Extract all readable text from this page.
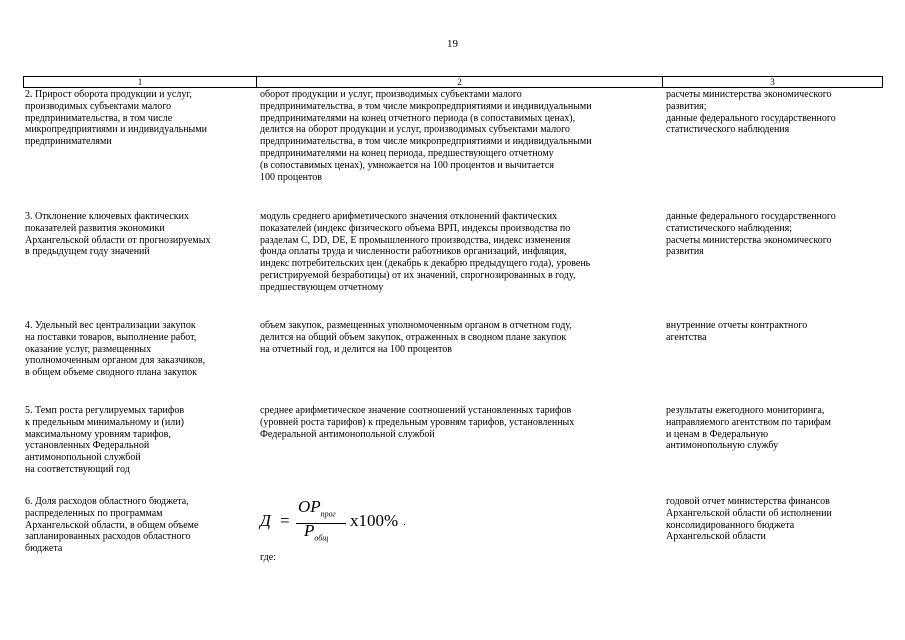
19
1	2	3
2. Прирост оборота продукции и услуг,
производимых субъектами малого
предпринимательства, в том числе
микропредприятиями и индивидуальными
предпринимателями
оборот продукции и услуг, производимых субъектами малого
предпринимательства, в том числе микропредприятиями и индивидуальными
предпринимателями на конец отчетного периода (в сопоставимых ценах),
делится на оборот продукции и услуг, производимых субъектами малого
предпринимательства, в том числе микропредприятиями и индивидуальными
предпринимателями на конец периода, предшествующего отчетному
(в сопоставимых ценах), умножается на 100 процентов и вычитается
100 процентов
расчеты министерства экономического
развития;
данные федерального государственного
статистического наблюдения
3. Отклонение ключевых фактических
показателей развития экономики
Архангельской области от прогнозируемых
в предыдущем году значений
модуль среднего арифметического значения отклонений фактических
показателей (индекс физического объема ВРП, индексы производства по
разделам C, DD, DE, E промышленного производства, индекс изменения
фонда оплаты труда и численности работников организаций, инфляция,
индекс потребительских цен (декабрь к декабрю предыдущего года), уровень
регистрируемой безработицы) от их значений, спрогнозированных в году,
предшествующем отчетному
данные федерального государственного
статистического наблюдения;
расчеты министерства экономического
развития
4. Удельный вес централизации закупок
на поставки товаров, выполнение работ,
оказание услуг, размещенных
уполномоченным органом для заказчиков,
в общем объеме сводного плана закупок
объем закупок, размещенных уполномоченным органом в отчетном году,
делится на общий объем закупок, отраженных в сводном плане закупок
на отчетный год, и делится на 100 процентов
внутренние отчеты контрактного
агентства
5. Темп роста регулируемых тарифов
к предельным минимальному и (или)
максимальному уровням тарифов,
установленных Федеральной
антимонопольной службой
на соответствующий год
среднее арифметическое значение соотношений установленных тарифов
(уровней роста тарифов) к предельным уровням тарифов, установленных
Федеральной антимонопольной службой
результаты ежегодного мониторинга,
направляемого агентством по тарифам
и ценам в Федеральную
антимонопольную службу
6. Доля расходов областного бюджета,
распределенных по программам
Архангельской области, в общем объеме
запланированных расходов областного
бюджета
Д =
$OP_{прог}$
$P_{общ}$
x100% .
где:
годовой отчет министерства финансов
Архангельской области об исполнении
консолидированного бюджета
Архангельской области
